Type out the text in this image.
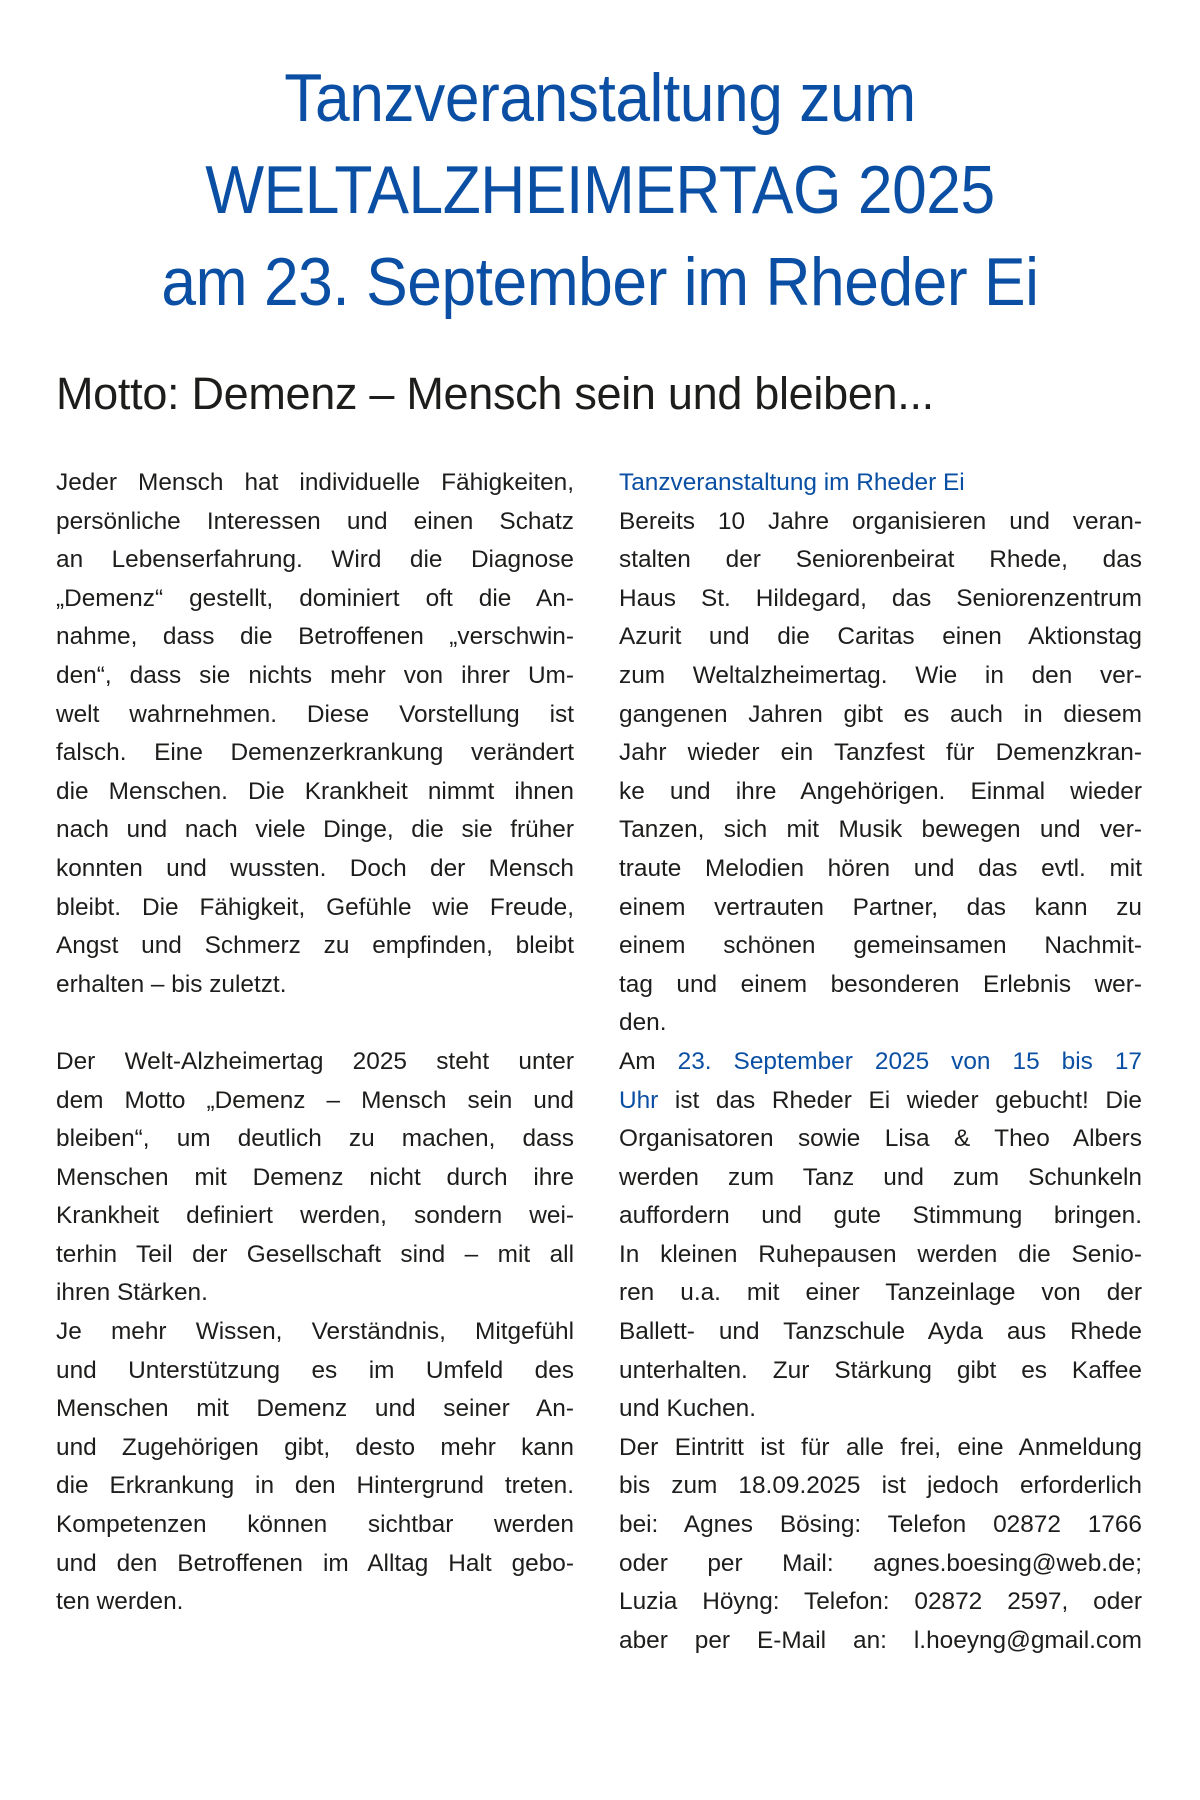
Tanzveranstaltung zum
WELTALZHEIMERTAG 2025
am 23. September im Rheder Ei
Motto: Demenz – Mensch sein und bleiben...

Jeder Mensch hat individuelle Fähigkeiten,
persönliche Interessen und einen Schatz
an Lebenserfahrung. Wird die Diagnose
„Demenz“ gestellt, dominiert oft die An-
nahme, dass die Betroffenen „verschwin-
den“, dass sie nichts mehr von ihrer Um-
welt wahrnehmen. Diese Vorstellung ist
falsch. Eine Demenzerkrankung verändert
die Menschen. Die Krankheit nimmt ihnen
nach und nach viele Dinge, die sie früher
konnten und wussten. Doch der Mensch
bleibt. Die Fähigkeit, Gefühle wie Freude,
Angst und Schmerz zu empfinden, bleibt
erhalten – bis zuletzt.

Der Welt-Alzheimertag 2025 steht unter
dem Motto „Demenz – Mensch sein und
bleiben“, um deutlich zu machen, dass
Menschen mit Demenz nicht durch ihre
Krankheit definiert werden, sondern wei-
terhin Teil der Gesellschaft sind – mit all
ihren Stärken.

Je mehr Wissen, Verständnis, Mitgefühl
und Unterstützung es im Umfeld des
Menschen mit Demenz und seiner An-
und Zugehörigen gibt, desto mehr kann
die Erkrankung in den Hintergrund treten.
Kompetenzen können sichtbar werden
und den Betroffenen im Alltag Halt gebo-
ten werden.

Tanzveranstaltung im Rheder Ei

Bereits 10 Jahre organisieren und veran-
stalten der Seniorenbeirat Rhede, das
Haus St. Hildegard, das Seniorenzentrum
Azurit und die Caritas einen Aktionstag
zum Weltalzheimertag. Wie in den ver-
gangenen Jahren gibt es auch in diesem
Jahr wieder ein Tanzfest für Demenzkran-
ke und ihre Angehörigen. Einmal wieder
Tanzen, sich mit Musik bewegen und ver-
traute Melodien hören und das evtl. mit
einem vertrauten Partner, das kann zu
einem schönen gemeinsamen Nachmit-
tag und einem besonderen Erlebnis wer-
den.

Am 23. September 2025 von 15 bis 17
Uhr ist das Rheder Ei wieder gebucht! Die
Organisatoren sowie Lisa & Theo Albers
werden zum Tanz und zum Schunkeln
auffordern und gute Stimmung bringen.
In kleinen Ruhepausen werden die Senio-
ren u.a. mit einer Tanzeinlage von der
Ballett- und Tanzschule Ayda aus Rhede
unterhalten. Zur Stärkung gibt es Kaffee
und Kuchen.

Der Eintritt ist für alle frei, eine Anmeldung
bis zum 18.09.2025 ist jedoch erforderlich
bei: Agnes Bösing: Telefon 02872 1766
oder per Mail: agnes.boesing@web.de;
Luzia Höyng: Telefon: 02872 2597, oder
aber per E-Mail an: l.hoeyng@gmail.com
